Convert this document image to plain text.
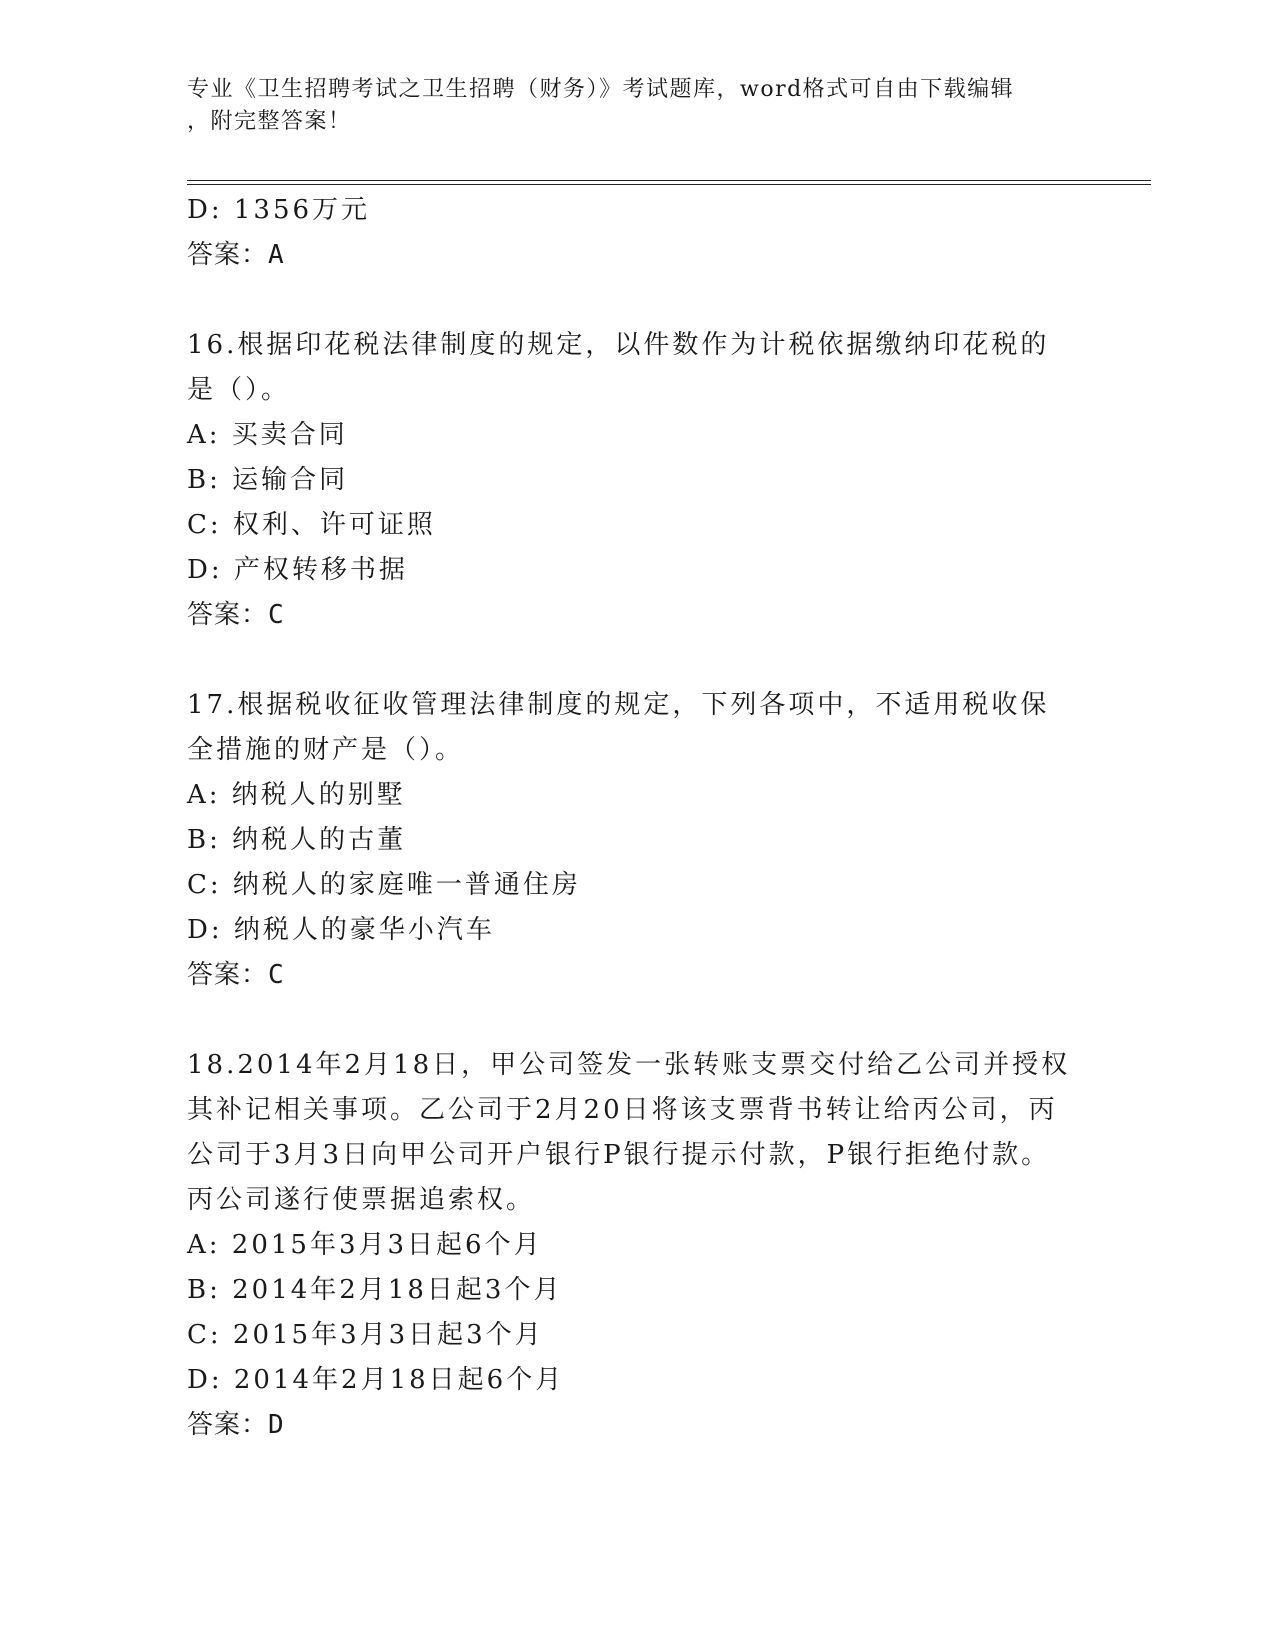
专业《卫生招聘考试之卫生招聘（财务）》考试题库，word格式可自由下载编辑
，附完整答案！
D: 1356万元
答案：A
16.根据印花税法律制度的规定，以件数作为计税依据缴纳印花税的是（）。
A: 买卖合同
B: 运输合同
C: 权利、许可证照
D: 产权转移书据
答案：C
17.根据税收征收管理法律制度的规定，下列各项中，不适用税收保全措施的财产是（）。
A: 纳税人的别墅
B: 纳税人的古董
C: 纳税人的家庭唯一普通住房
D: 纳税人的豪华小汽车
答案：C
18.2014年2月18日，甲公司签发一张转账支票交付给乙公司并授权其补记相关事项。乙公司于2月20日将该支票背书转让给丙公司，丙公司于3月3日向甲公司开户银行P银行提示付款，P银行拒绝付款。丙公司遂行使票据追索权。
A: 2015年3月3日起6个月
B: 2014年2月18日起3个月
C: 2015年3月3日起3个月
D: 2014年2月18日起6个月
答案：D
